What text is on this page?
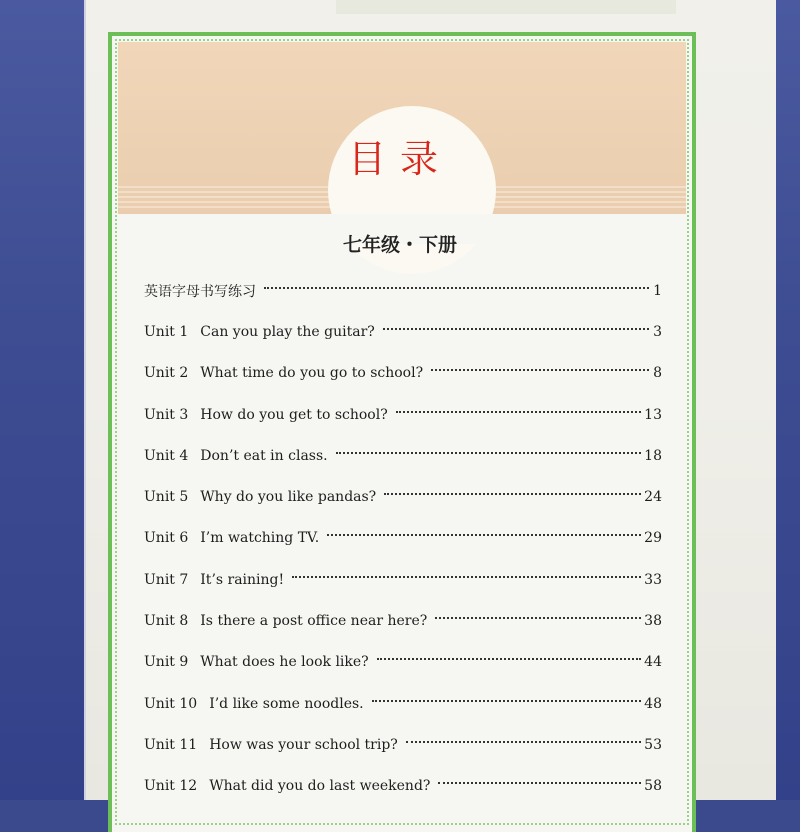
目录
七年级・下册
英语字母书写练习	1
Unit 1 Can you play the guitar?	3
Unit 2 What time do you go to school?	8
Unit 3 How do you get to school?	13
Unit 4 Don’t eat in class.	18
Unit 5 Why do you like pandas?	24
Unit 6 I’m watching TV.	29
Unit 7 It’s raining!	33
Unit 8 Is there a post office near here?	38
Unit 9 What does he look like?	44
Unit 10 I’d like some noodles.	48
Unit 11 How was your school trip?	53
Unit 12 What did you do last weekend?	58
